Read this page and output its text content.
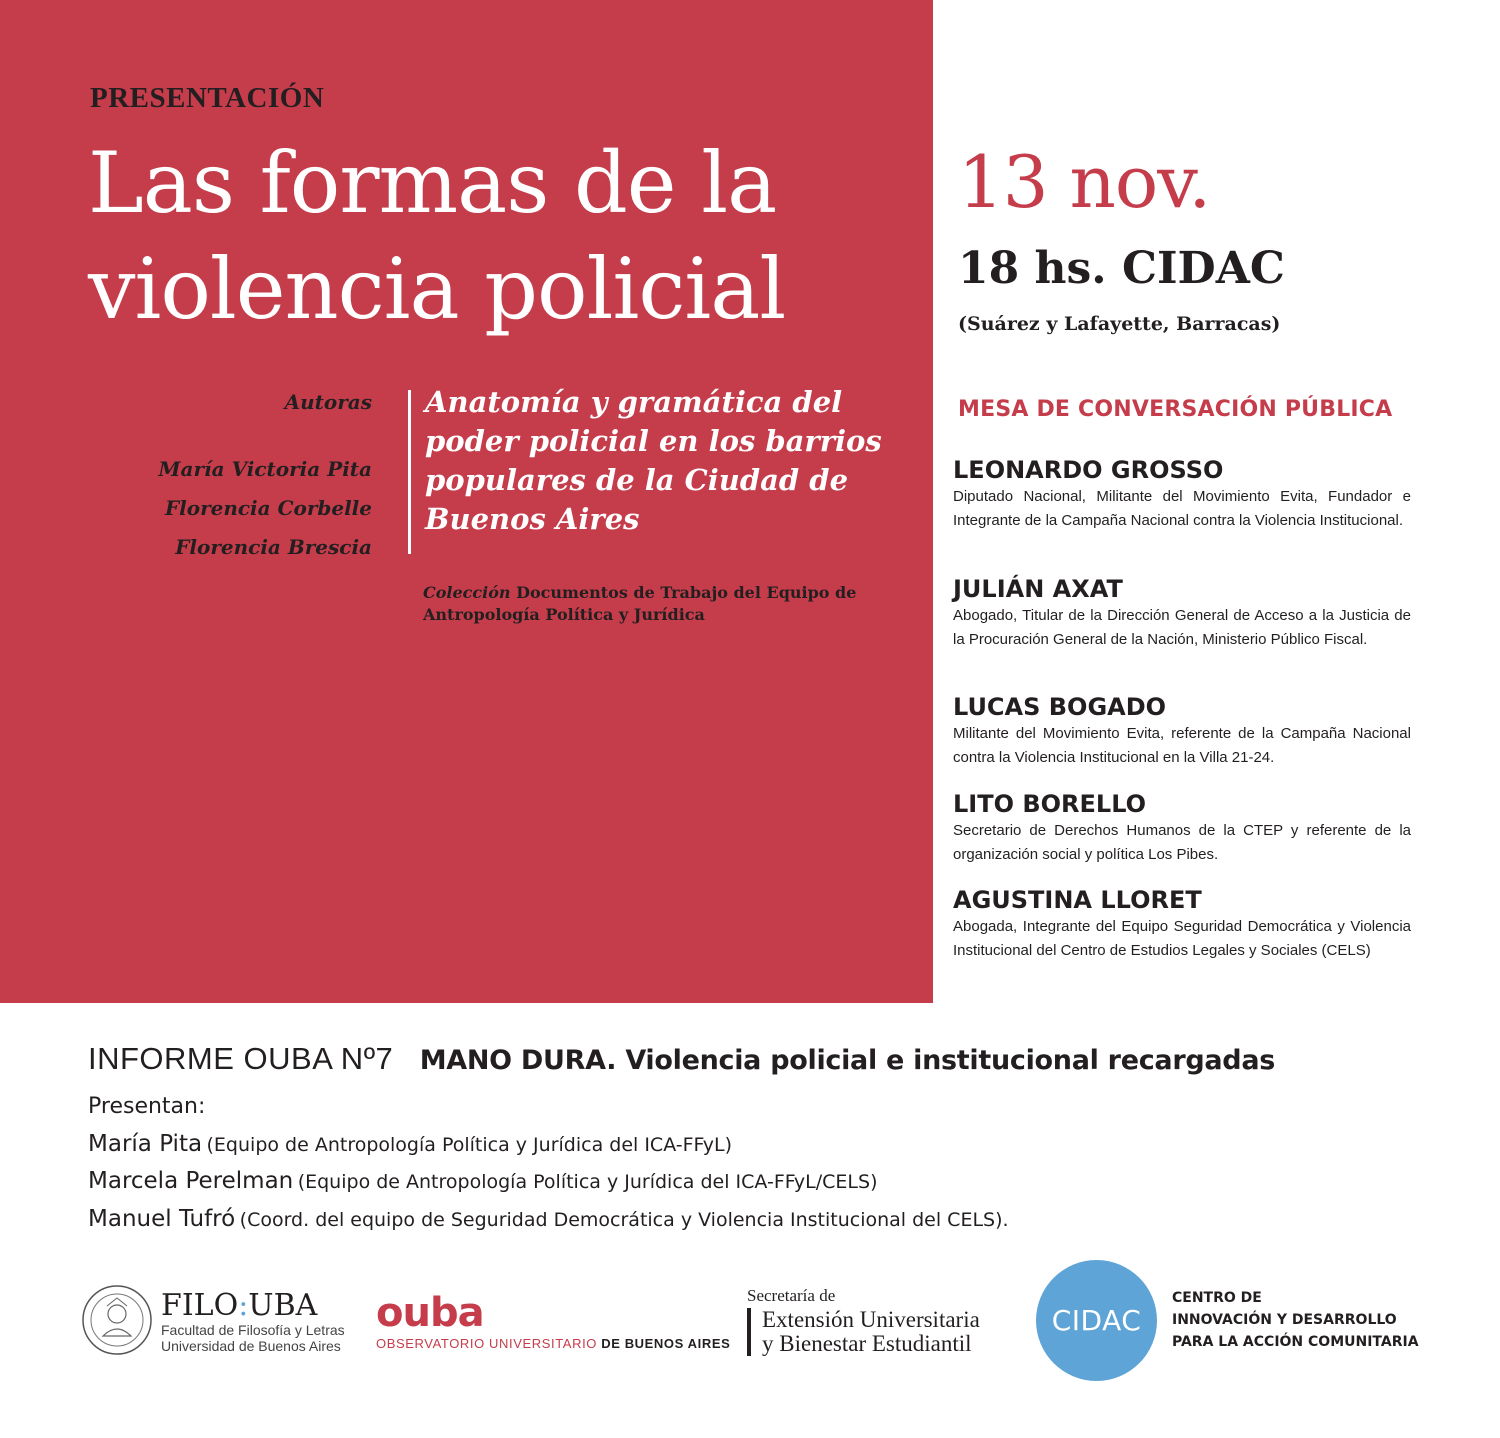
PRESENTACIÓN
Las formas de la
violencia policial
Autoras
María Victoria Pita
Florencia Corbelle
Florencia Brescia
Anatomía y gramática del
poder policial en los barrios
populares de la Ciudad de
Buenos Aires
Colección Documentos de Trabajo del Equipo de Antropología Política y Jurídica
13 nov.
18 hs. CIDAC
(Suárez y Lafayette, Barracas)
MESA DE CONVERSACIÓN PÚBLICA
LEONARDO GROSSO
Diputado Nacional, Militante del Movimiento Evita, Fundador e Integrante de la Campaña Nacional contra la Violencia Institucional.
JULIÁN AXAT
Abogado, Titular de la Dirección General de Acceso a la Justicia de la Procuración General de la Nación, Ministerio Público Fiscal.
LUCAS BOGADO
Militante del Movimiento Evita, referente de la Campaña Nacional contra la Violencia Institucional en la Villa 21-24.
LITO BORELLO
Secretario de Derechos Humanos de la CTEP y referente de la organización social y política Los Pibes.
AGUSTINA LLORET
Abogada, Integrante del Equipo Seguridad Democrática y Violencia Institucional del Centro de Estudios Legales y Sociales (CELS)
INFORME OUBA Nº7 MANO DURA. Violencia policial e institucional recargadas
Presentan:
María Pita (Equipo de Antropología Política y Jurídica del ICA-FFyL)
Marcela Perelman (Equipo de Antropología Política y Jurídica del ICA-FFyL/CELS)
Manuel Tufró (Coord. del equipo de Seguridad Democrática y Violencia Institucional del CELS).
FILO:UBA
Facultad de Filosofía y Letras
Universidad de Buenos Aires
ouba
OBSERVATORIO UNIVERSITARIO DE BUENOS AIRES
Secretaría de
Extensión Universitaria
y Bienestar Estudiantil
CIDAC
CENTRO DE
INNOVACIÓN Y DESARROLLO
PARA LA ACCIÓN COMUNITARIA
